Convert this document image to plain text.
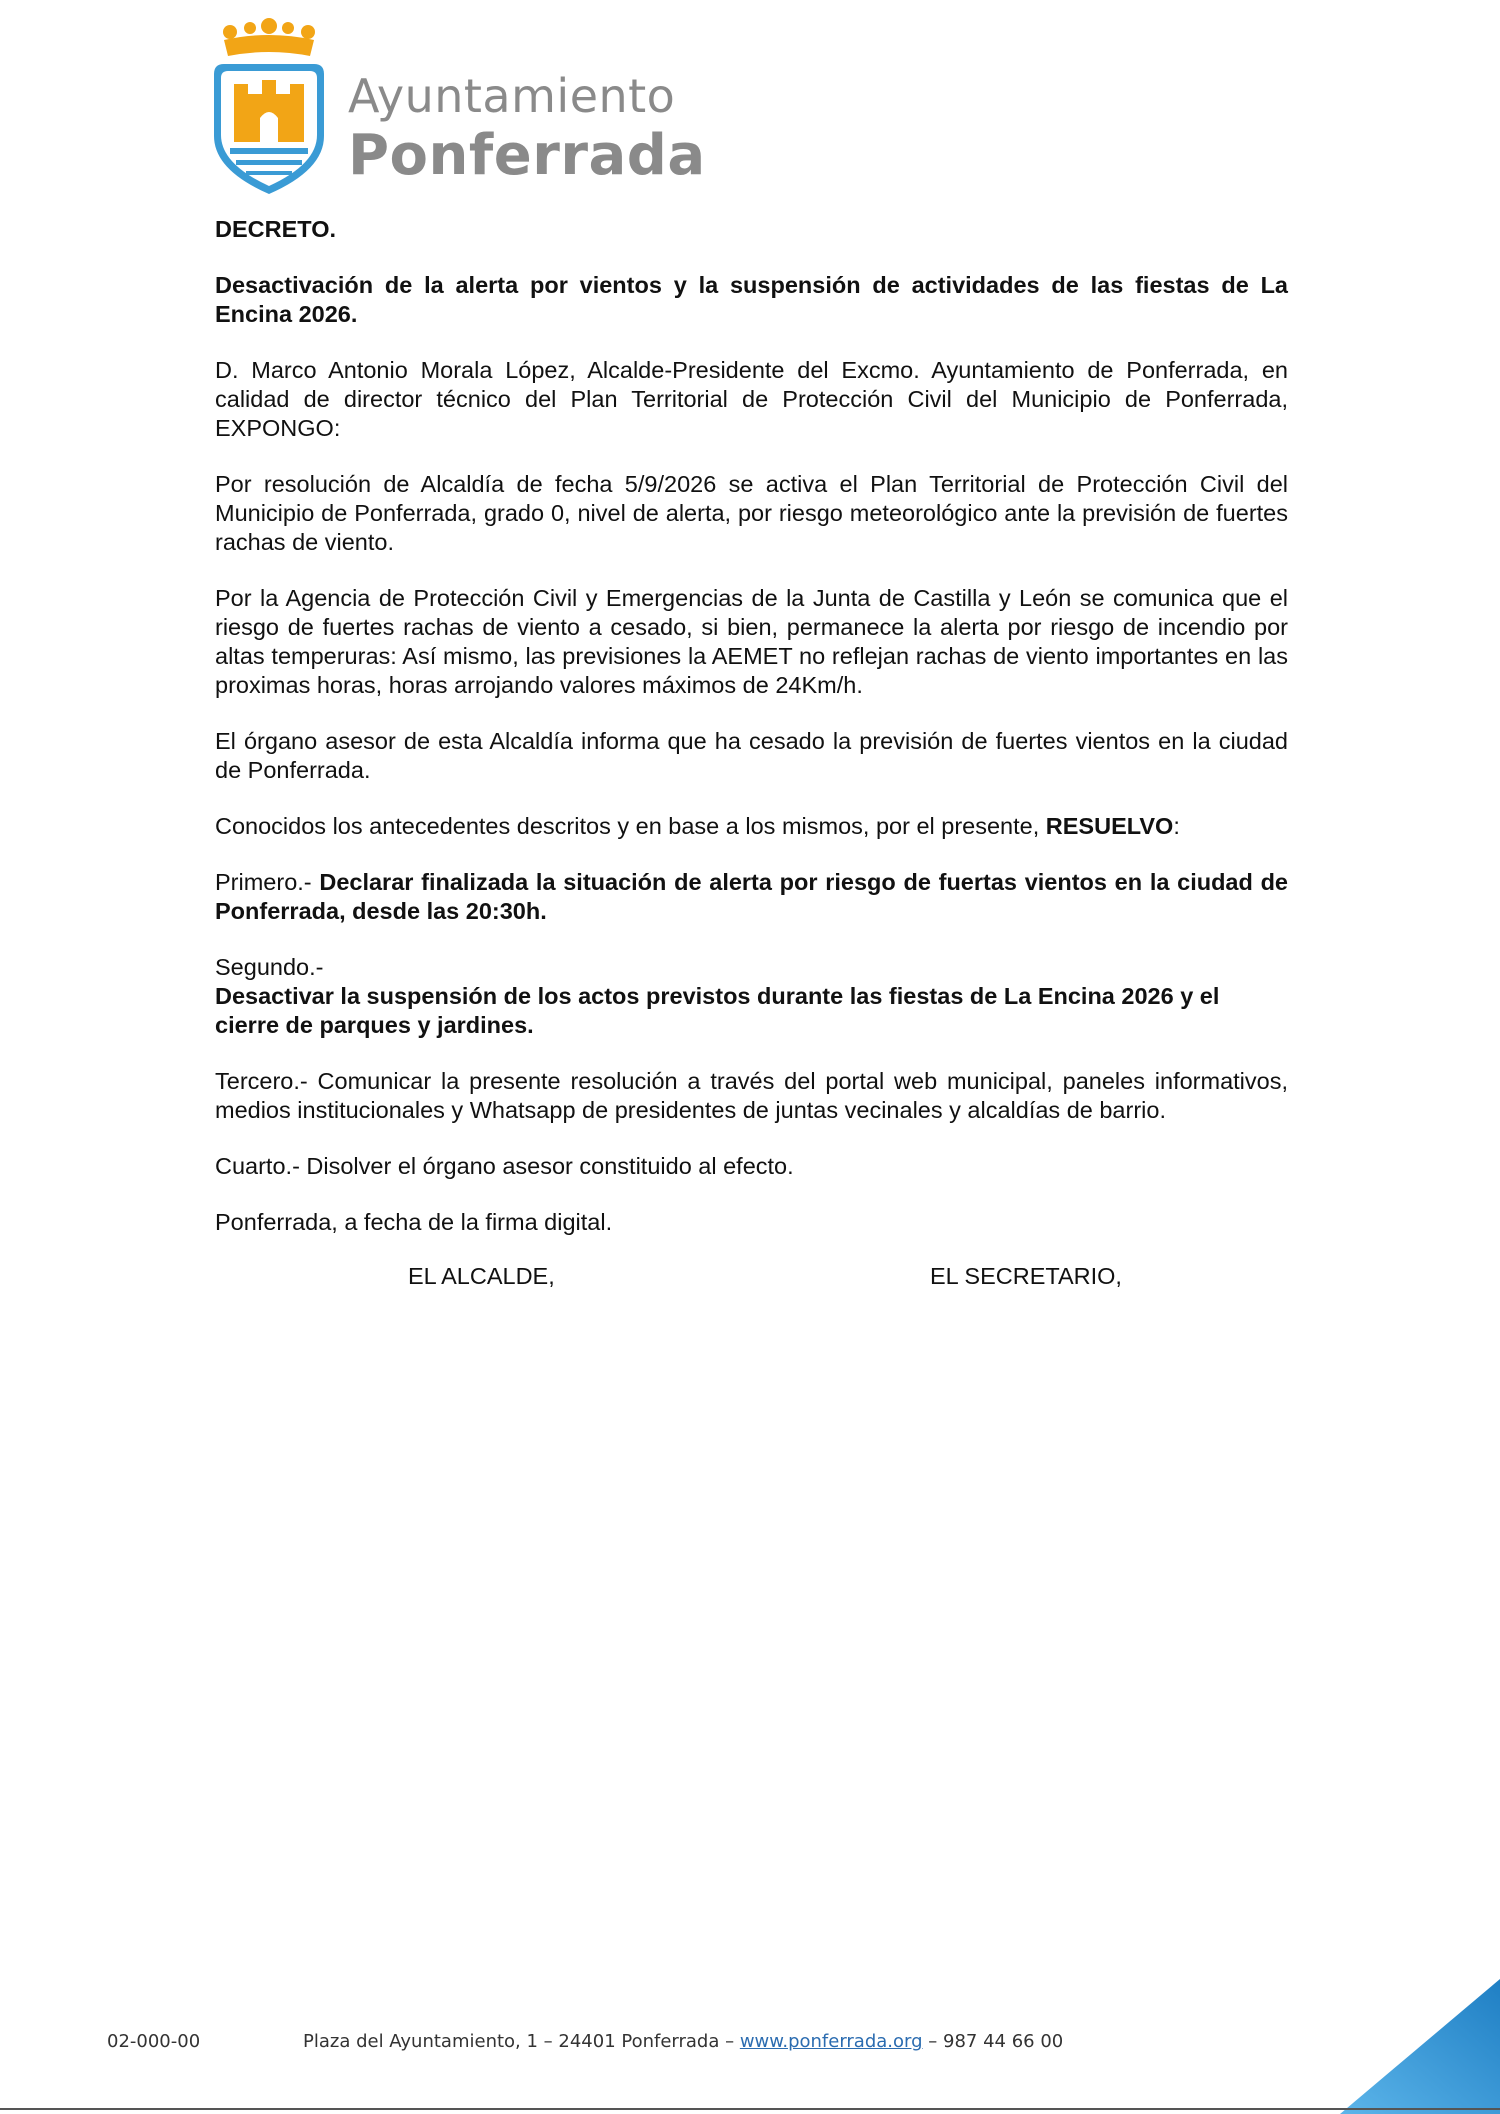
Ayuntamiento
Ponferrada

DECRETO.

Desactivación de la alerta por vientos y la suspensión de actividades de las fiestas de La Encina 2026.

D. Marco Antonio Morala López, Alcalde-Presidente del Excmo. Ayuntamiento de Ponferrada, en calidad de director técnico del Plan Territorial de Protección Civil del Municipio de Ponferrada, EXPONGO:

Por resolución de Alcaldía de fecha 5/9/2026 se activa el Plan Territorial de Protección Civil del Municipio de Ponferrada, grado 0, nivel de alerta, por riesgo meteorológico ante la previsión de fuertes rachas de viento.

Por la Agencia de Protección Civil y Emergencias de la Junta de Castilla y León se comunica que el riesgo de fuertes rachas de viento a cesado, si bien, permanece la alerta por riesgo de incendio por altas temperuras: Así mismo, las previsiones la AEMET no reflejan rachas de viento importantes en las proximas horas, horas arrojando valores máximos de 24Km/h.

El órgano asesor de esta Alcaldía informa que ha cesado la previsión de fuertes vientos en la ciudad de Ponferrada.

Conocidos los antecedentes descritos y en base a los mismos, por el presente, RESUELVO:

Primero.- Declarar finalizada la situación de alerta por riesgo de fuertas vientos en la ciudad de Ponferrada, desde las 20:30h.

Segundo.-
Desactivar la suspensión de los actos previstos durante las fiestas de La Encina 2026 y el cierre de parques y jardines.

Tercero.- Comunicar la presente resolución a través del portal web municipal, paneles informativos, medios institucionales y Whatsapp de presidentes de juntas vecinales y alcaldías de barrio.

Cuarto.- Disolver el órgano asesor constituido al efecto.

Ponferrada, a fecha de la firma digital.

EL ALCALDE,	EL SECRETARIO,
02-000-00	Plaza del Ayuntamiento, 1 – 24401 Ponferrada – www.ponferrada.org – 987 44 66 00
